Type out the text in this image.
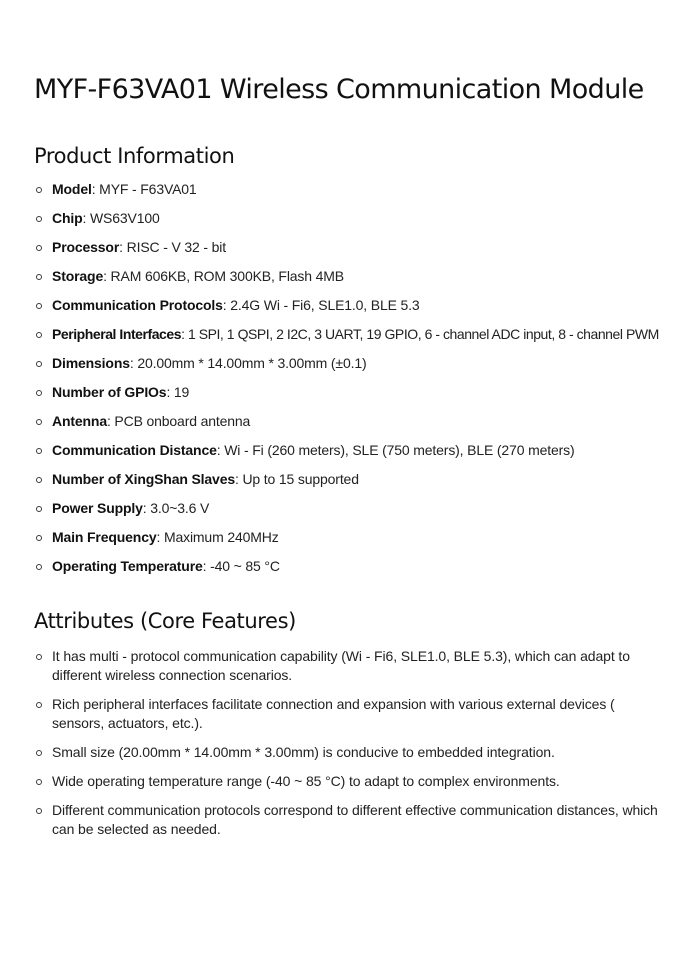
MYF-F63VA01 Wireless Communication Module
Product Information
Model: MYF - F63VA01
Chip: WS63V100
Processor: RISC - V 32 - bit
Storage: RAM 606KB, ROM 300KB, Flash 4MB
Communication Protocols: 2.4G Wi - Fi6, SLE1.0, BLE 5.3
Peripheral Interfaces: 1 SPI, 1 QSPI, 2 I2C, 3 UART, 19 GPIO, 6 - channel ADC input, 8 - channel PWM
Dimensions: 20.00mm * 14.00mm * 3.00mm (±0.1)
Number of GPIOs: 19
Antenna: PCB onboard antenna
Communication Distance: Wi - Fi (260 meters), SLE (750 meters), BLE (270 meters)
Number of XingShan Slaves: Up to 15 supported
Power Supply: 3.0~3.6 V
Main Frequency: Maximum 240MHz
Operating Temperature: -40 ~ 85 °C
Attributes (Core Features)
It has multi - protocol communication capability (Wi - Fi6, SLE1.0, BLE 5.3), which can adapt to different wireless connection scenarios.
Rich peripheral interfaces facilitate connection and expansion with various external devices ( sensors, actuators, etc.).
Small size (20.00mm * 14.00mm * 3.00mm) is conducive to embedded integration.
Wide operating temperature range (-40 ~ 85 °C) to adapt to complex environments.
Different communication protocols correspond to different effective communication distances, which can be selected as needed.
